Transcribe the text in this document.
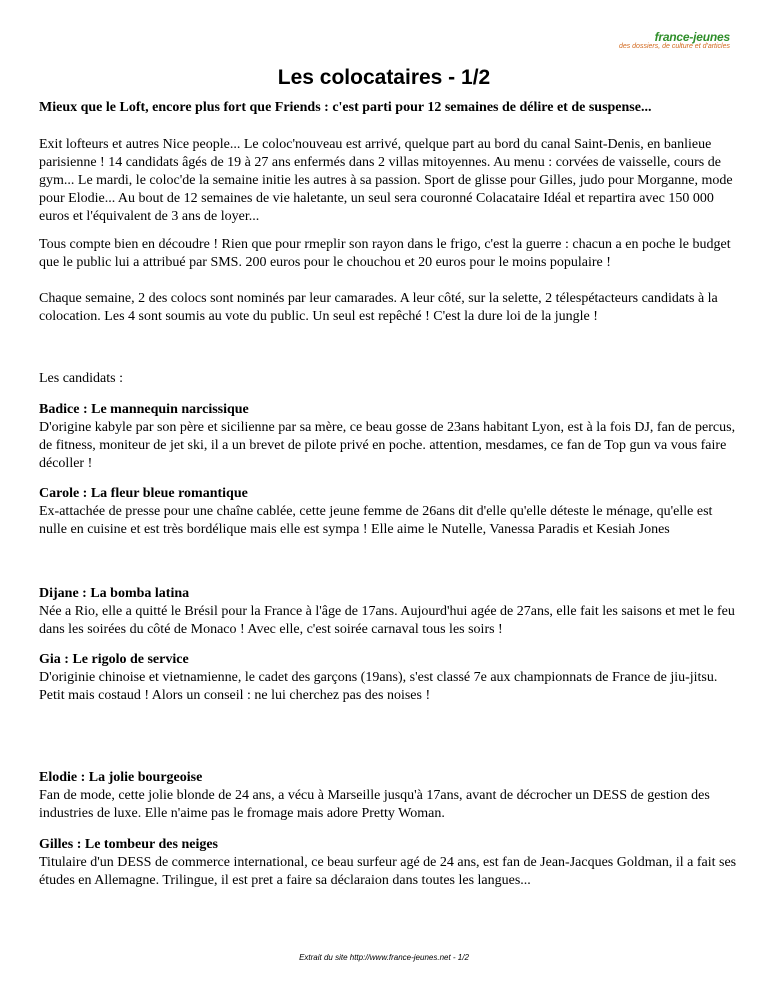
france-jeunes
des dossiers, de culture et d'articles
Les colocataires - 1/2
Mieux que le Loft, encore plus fort que Friends : c'est parti pour 12 semaines de délire et de suspense...

Exit lofteurs et autres Nice people... Le coloc'nouveau est arrivé, quelque part au bord du canal Saint-Denis, en banlieue parisienne ! 14 candidats âgés de 19 à 27 ans enfermés dans 2 villas mitoyennes. Au menu : corvées de vaisselle, cours de gym... Le mardi, le coloc'de la semaine initie les autres à sa passion. Sport de glisse pour Gilles, judo pour Morganne, mode pour Elodie... Au bout de 12 semaines de vie haletante, un seul sera couronné Colacataire Idéal et repartira avec 150 000 euros et l'équivalent de 3 ans de loyer...

Tous compte bien en découdre ! Rien que pour rmeplir son rayon dans le frigo, c'est la guerre : chacun a en poche le budget que le public lui a attribué par SMS. 200 euros pour le chouchou et 20 euros pour le moins populaire !

Chaque semaine, 2 des colocs sont nominés par leur camarades. A leur côté, sur la selette, 2 télespétacteurs candidats à la colocation. Les 4 sont soumis au vote du public. Un seul est repêché ! C'est la dure loi de la jungle !

Les candidats :
Badice : Le mannequin narcissique
D'origine kabyle par son père et sicilienne par sa mère, ce beau gosse de 23ans habitant Lyon, est à la fois DJ, fan de percus, de fitness, moniteur de jet ski, il a un brevet de pilote privé en poche. attention, mesdames, ce fan de Top gun va vous faire décoller !
Carole : La fleur bleue romantique
Ex-attachée de presse pour une chaîne cablée, cette jeune femme de 26ans dit d'elle qu'elle déteste le ménage, qu'elle est nulle en cuisine et est très bordélique mais elle est sympa ! Elle aime le Nutelle, Vanessa Paradis et Kesiah Jones
Dijane : La bomba latina
Née a Rio, elle a quitté le Brésil pour la France à l'âge de 17ans. Aujourd'hui agée de 27ans, elle fait les saisons et met le feu dans les soirées du côté de Monaco ! Avec elle, c'est soirée carnaval tous les soirs !
Gia : Le rigolo de service
D'originie chinoise et vietnamienne, le cadet des garçons (19ans), s'est classé 7e aux championnats de France de jiu-jitsu. Petit mais costaud ! Alors un conseil : ne lui cherchez pas des noises !
Elodie : La jolie bourgeoise
Fan de mode, cette jolie blonde de 24 ans, a vécu à Marseille jusqu'à 17ans, avant de décrocher un DESS de gestion des industries de luxe. Elle n'aime pas le fromage mais adore Pretty Woman.
Gilles : Le tombeur des neiges
Titulaire d'un DESS de commerce international, ce beau surfeur agé de 24 ans, est fan de Jean-Jacques Goldman, il a fait ses études en Allemagne. Trilingue, il est pret a faire sa déclaraion dans toutes les langues...
Extrait du site http://www.france-jeunes.net - 1/2
